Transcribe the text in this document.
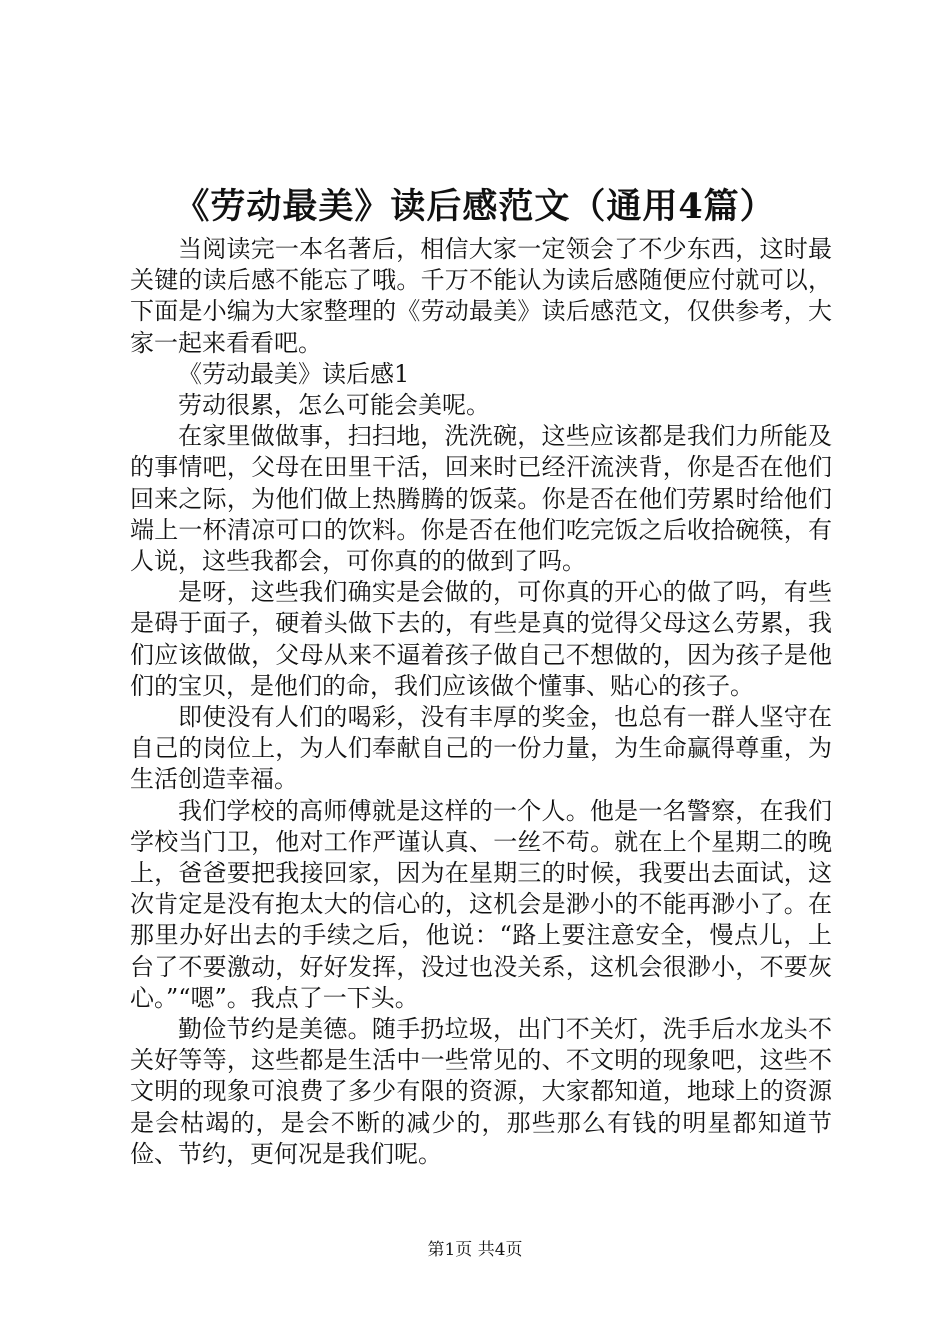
《劳动最美》读后感范文（通用4篇）

当阅读完一本名著后，相信大家一定领会了不少东西，这时最关键的读后感不能忘了哦。千万不能认为读后感随便应付就可以，下面是小编为大家整理的《劳动最美》读后感范文，仅供参考，大家一起来看看吧。

《劳动最美》读后感1

劳动很累，怎么可能会美呢。

在家里做做事，扫扫地，洗洗碗，这些应该都是我们力所能及的事情吧，父母在田里干活，回来时已经汗流浃背，你是否在他们回来之际，为他们做上热腾腾的饭菜。你是否在他们劳累时给他们端上一杯清凉可口的饮料。你是否在他们吃完饭之后收拾碗筷，有人说，这些我都会，可你真的的做到了吗。

是呀，这些我们确实是会做的，可你真的开心的做了吗，有些是碍于面子，硬着头做下去的，有些是真的觉得父母这么劳累，我们应该做做，父母从来不逼着孩子做自己不想做的，因为孩子是他们的宝贝，是他们的命，我们应该做个懂事、贴心的孩子。

即使没有人们的喝彩，没有丰厚的奖金，也总有一群人坚守在自己的岗位上，为人们奉献自己的一份力量，为生命赢得尊重，为生活创造幸福。

我们学校的高师傅就是这样的一个人。他是一名警察，在我们学校当门卫，他对工作严谨认真、一丝不苟。就在上个星期二的晚上，爸爸要把我接回家，因为在星期三的时候，我要出去面试，这次肯定是没有抱太大的信心的，这机会是渺小的不能再渺小了。在那里办好出去的手续之后，他说：“路上要注意安全，慢点儿，上台了不要激动，好好发挥，没过也没关系，这机会很渺小，不要灰心。”“嗯”。我点了一下头。

勤俭节约是美德。随手扔垃圾，出门不关灯，洗手后水龙头不关好等等，这些都是生活中一些常见的、不文明的现象吧，这些不文明的现象可浪费了多少有限的资源，大家都知道，地球上的资源是会枯竭的，是会不断的减少的，那些那么有钱的明星都知道节俭、节约，更何况是我们呢。

第1页 共4页
